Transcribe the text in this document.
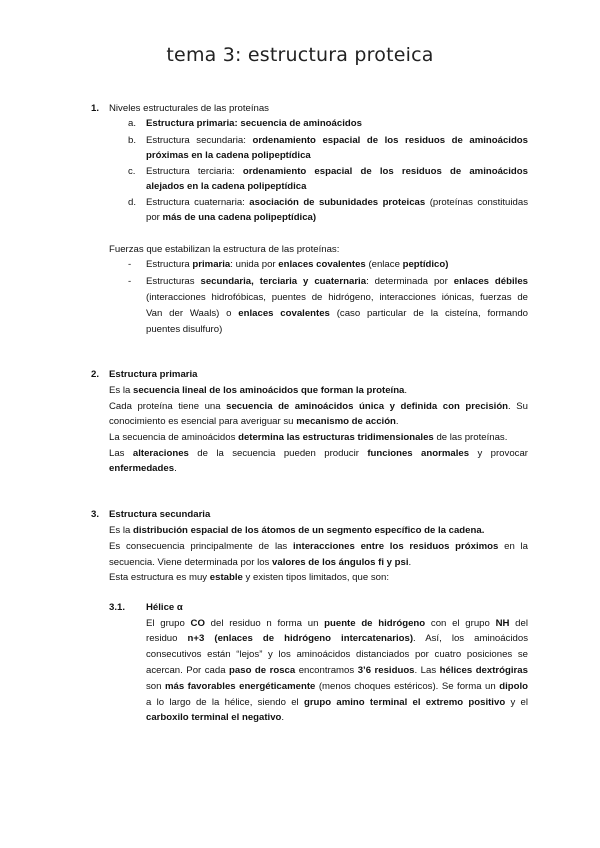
tema 3: estructura proteica
1. Niveles estructurales de las proteínas
a. Estructura primaria: secuencia de aminoácidos
b. Estructura secundaria: ordenamiento espacial de los residuos de aminoácidos
próximas en la cadena polipeptídica
c. Estructura terciaria: ordenamiento espacial de los residuos de aminoácidos
alejados en la cadena polipeptídica
d. Estructura cuaternaria: asociación de subunidades proteicas (proteínas constituidas
por más de una cadena polipeptídica)
Fuerzas que estabilizan la estructura de las proteínas:
- Estructura primaria: unida por enlaces covalentes (enlace peptídico)
- Estructuras secundaria, terciaria y cuaternaria: determinada por enlaces débiles
(interacciones hidrofóbicas, puentes de hidrógeno, interacciones iónicas, fuerzas de
Van der Waals) o enlaces covalentes (caso particular de la cisteína, formando
puentes disulfuro)
2. Estructura primaria
Es la secuencia lineal de los aminoácidos que forman la proteína.
Cada proteína tiene una secuencia de aminoácidos única y definida con precisión. Su
conocimiento es esencial para averiguar su mecanismo de acción.
La secuencia de aminoácidos determina las estructuras tridimensionales de las proteínas.
Las alteraciones de la secuencia pueden producir funciones anormales y provocar
enfermedades.
3. Estructura secundaria
Es la distribución espacial de los átomos de un segmento específico de la cadena.
Es consecuencia principalmente de las interacciones entre los residuos próximos en la
secuencia. Viene determinada por los valores de los ángulos fi y psi.
Esta estructura es muy estable y existen tipos limitados, que son:
3.1. Hélice α
El grupo CO del residuo n forma un puente de hidrógeno con el grupo NH del
residuo n+3 (enlaces de hidrógeno intercatenarios). Así, los aminoácidos
consecutivos están “lejos” y los aminoácidos distanciados por cuatro posiciones se
acercan. Por cada paso de rosca encontramos 3’6 residuos. Las hélices dextrógiras
son más favorables energéticamente (menos choques estéricos). Se forma un dipolo
a lo largo de la hélice, siendo el grupo amino terminal el extremo positivo y el
carboxilo terminal el negativo.
